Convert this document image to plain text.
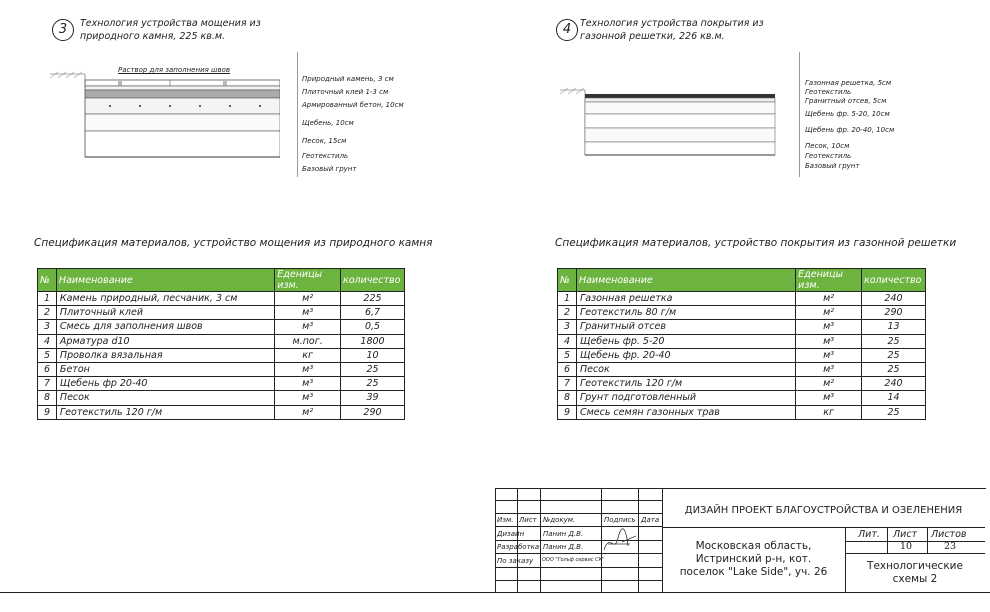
3	Технология устройства мощения из
природного камня, 225 кв.м.
Раствор для заполнения швов
Природный камень, 3 см
Плиточный клей 1-3 см
Армированный бетон, 10см
Щебень, 10см
Песок, 15см
Геотекстиль
Базовый грунт
4 Технология устройства покрытия из
газонной решетки, 226 кв.м.
Газонная решетка, 5см
Геотекстиль
Гранитный отсев, 5см
Щебень фр. 5-20, 10см
Щебень фр. 20-40, 10см
Песок, 10см
Геотекстиль
Базовый грунт
Спецификация материалов, устройство мощения из природного камня
№	Наименование	Еденицы изм.	количество
1	Камень природный, песчаник, 3 см	м²	225
2	Плиточный клей	м³	6,7
3	Смесь для заполнения швов	м³	0,5
4	Арматура d10	м.пог.	1800
5	Проволка вязальная	кг	10
6	Бетон	м³	25
7	Щебень фр 20-40	м³	25
8	Песок	м³	39
9	Геотекстиль 120 г/м	м²	290
Спецификация материалов, устройство покрытия из газонной решетки
№	Наименование	Еденицы изм.	количество
1	Газонная решетка	м²	240
2	Геотекстиль 80 г/м	м²	290
3	Гранитный отсев	м³	13
4	Щебень фр. 5-20	м³	25
5	Щебень фр. 20-40	м³	25
6	Песок	м³	25
7	Геотекстиль 120 г/м	м²	240
8	Грунт подготовленный	м³	14
9	Смесь семян газонных трав	кг	25
Изм. Лист №докум.	Подпись Дата
Дизайн	Панин Д.В.
Разработка Панин Д.В.
По заказу ООО "Гольф сервис СК"
ДИЗАЙН ПРОЕКТ БЛАГОУСТРОЙСТВА И ОЗЕЛЕНЕНИЯ
Московская область,
Истринский р-н, кот.
поселок "Lake Side", уч. 26
Лит. Лист Листов
10	23
Технологические
схемы 2
